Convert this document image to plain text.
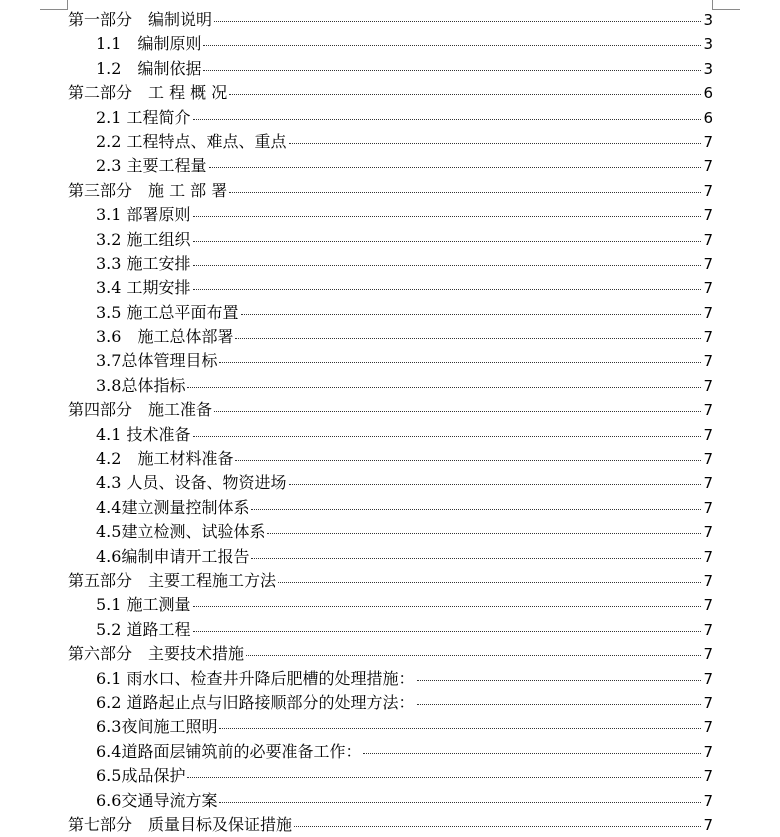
第一部分　编制说明	3
1.1　编制原则	3
1.2　编制依据	3
第二部分　工 程 概 况	6
2.1 工程简介	6
2.2 工程特点、难点、重点	7
2.3 主要工程量	7
第三部分　施 工 部 署	7
3.1 部署原则	7
3.2 施工组织	7
3.3 施工安排	7
3.4 工期安排	7
3.5 施工总平面布置	7
3.6　施工总体部署	7
3.7总体管理目标	7
3.8总体指标	7
第四部分　施工准备	7
4.1 技术准备	7
4.2　施工材料准备	7
4.3 人员、设备、物资进场	7
4.4建立测量控制体系	7
4.5建立检测、试验体系	7
4.6编制申请开工报告	7
第五部分　主要工程施工方法	7
5.1 施工测量	7
5.2 道路工程	7
第六部分　主要技术措施	7
6.1 雨水口、检查井升降后肥槽的处理措施：	7
6.2 道路起止点与旧路接顺部分的处理方法：	7
6.3夜间施工照明	7
6.4道路面层铺筑前的必要准备工作：	7
6.5成品保护	7
6.6交通导流方案	7
第七部分　质量目标及保证措施	7
